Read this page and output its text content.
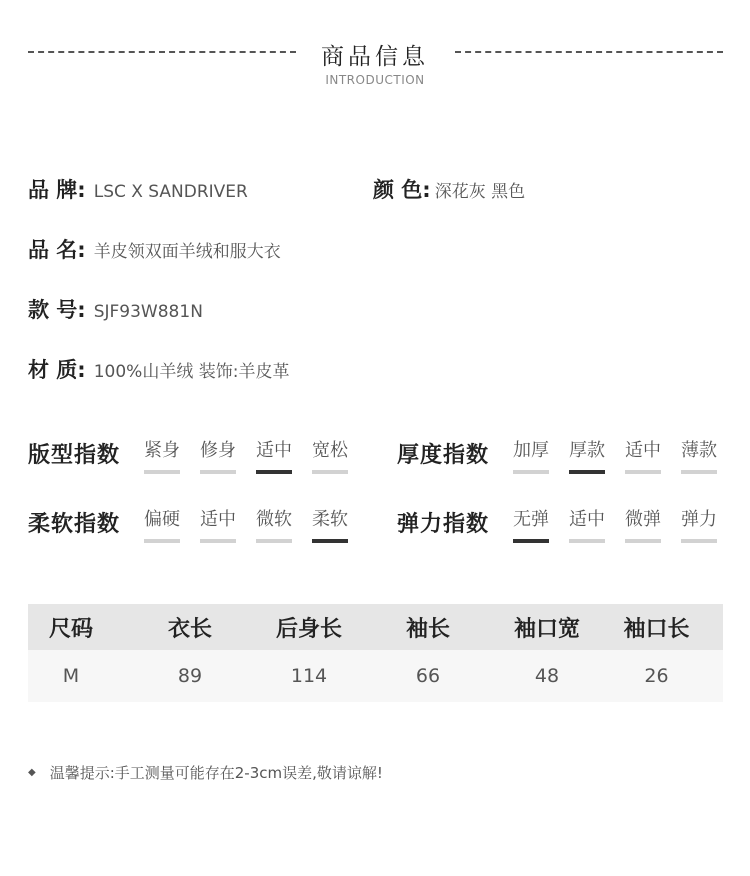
商品信息
INTRODUCTION
品 牌: LSC X SANDRIVER	颜 色: 深花灰 黑色
品 名: 羊皮领双面羊绒和服大衣
款 号: SJF93W881N
材 质: 100%山羊绒 装饰:羊皮革
版型指数	紧身 修身 适中 宽松 厚度指数	加厚 厚款 适中 薄款
柔软指数	偏硬 适中 微软 柔软 弹力指数	无弹 适中 微弹 弹力
尺码	衣长	后身长	袖长	袖口宽	袖口长
M	89	114	66	48	26
◆ 温馨提示:手工测量可能存在2-3cm误差,敬请谅解!
